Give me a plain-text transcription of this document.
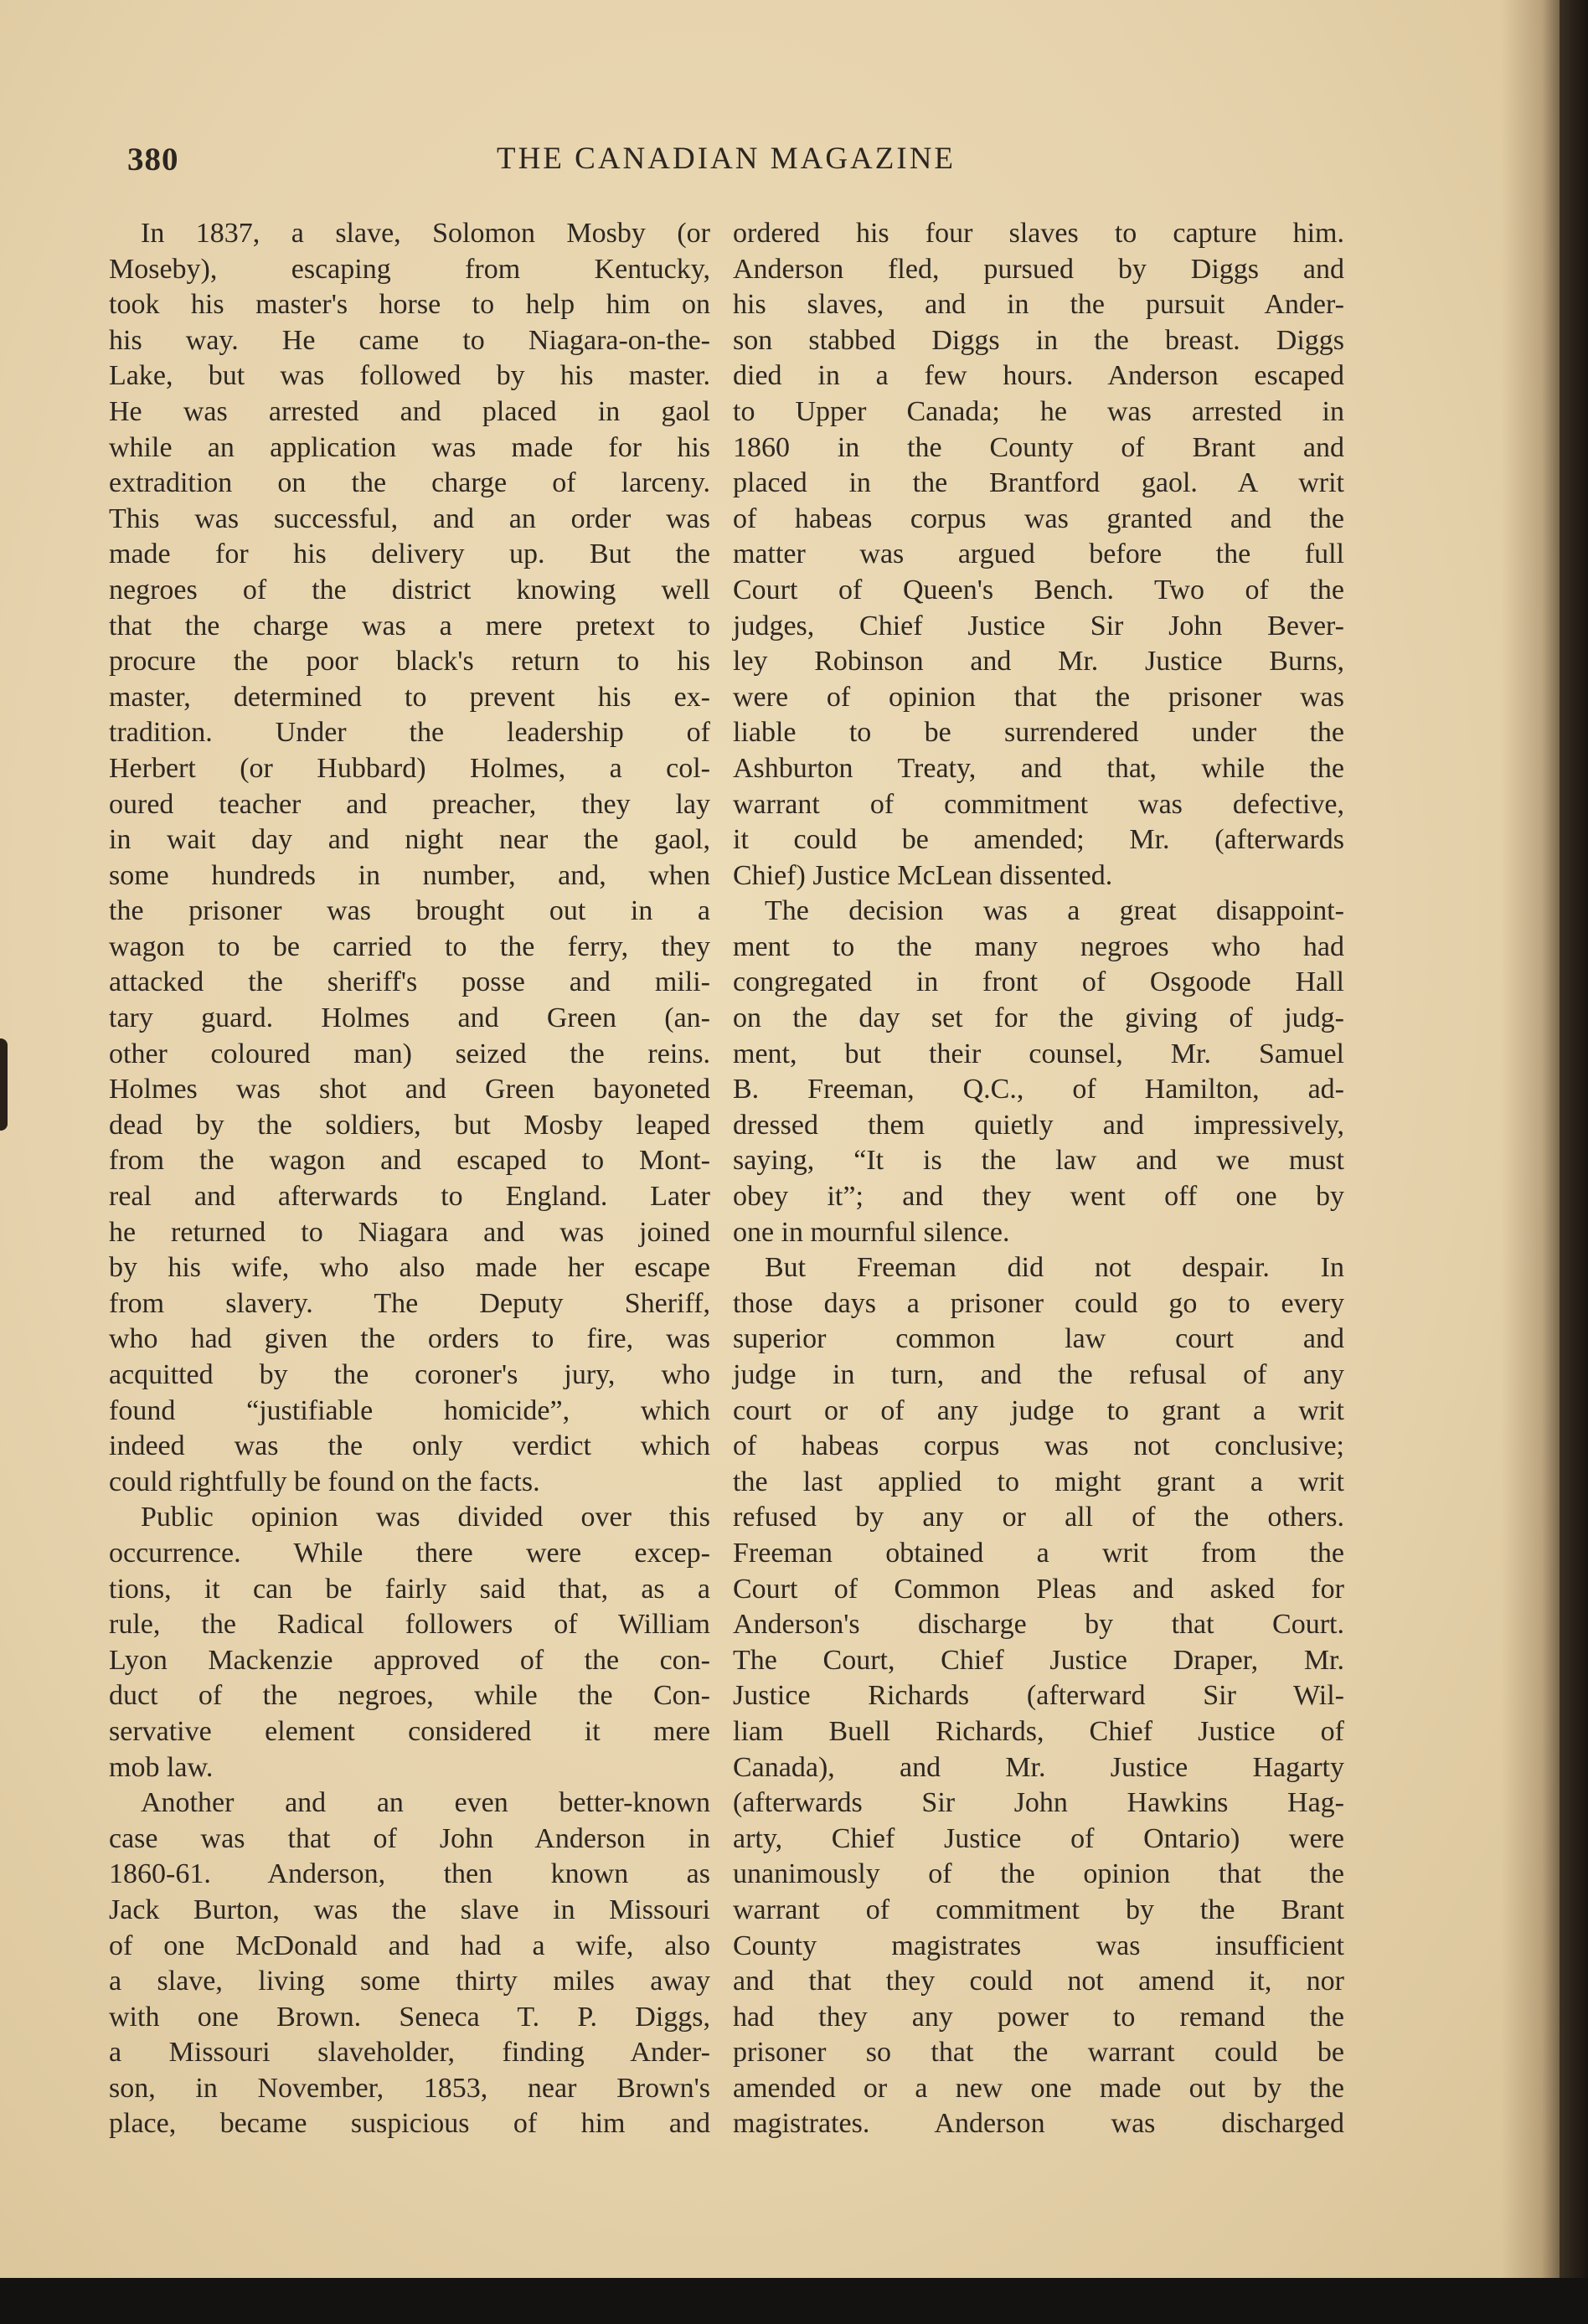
380	THE CANADIAN MAGAZINE
In 1837, a slave, Solomon Mosby (or
Moseby), escaping from Kentucky,
took his master's horse to help him on
his way. He came to Niagara-on-the-
Lake, but was followed by his master.
He was arrested and placed in gaol
while an application was made for his
extradition on the charge of larceny.
This was successful, and an order was
made for his delivery up. But the
negroes of the district knowing well
that the charge was a mere pretext to
procure the poor black's return to his
master, determined to prevent his ex-
tradition. Under the leadership of
Herbert (or Hubbard) Holmes, a col-
oured teacher and preacher, they lay
in wait day and night near the gaol,
some hundreds in number, and, when
the prisoner was brought out in a
wagon to be carried to the ferry, they
attacked the sheriff's posse and mili-
tary guard. Holmes and Green (an-
other coloured man) seized the reins.
Holmes was shot and Green bayoneted
dead by the soldiers, but Mosby leaped
from the wagon and escaped to Mont-
real and afterwards to England. Later
he returned to Niagara and was joined
by his wife, who also made her escape
from slavery. The Deputy Sheriff,
who had given the orders to fire, was
acquitted by the coroner's jury, who
found “justifiable homicide”, which
indeed was the only verdict which
could rightfully be found on the facts.
Public opinion was divided over this
occurrence. While there were excep-
tions, it can be fairly said that, as a
rule, the Radical followers of William
Lyon Mackenzie approved of the con-
duct of the negroes, while the Con-
servative element considered it mere
mob law.
Another and an even better-known
case was that of John Anderson in
1860-61. Anderson, then known as
Jack Burton, was the slave in Missouri
of one McDonald and had a wife, also
a slave, living some thirty miles away
with one Brown. Seneca T. P. Diggs,
a Missouri slaveholder, finding Ander-
son, in November, 1853, near Brown's
place, became suspicious of him and
ordered his four slaves to capture him.
Anderson fled, pursued by Diggs and
his slaves, and in the pursuit Ander-
son stabbed Diggs in the breast. Diggs
died in a few hours. Anderson escaped
to Upper Canada; he was arrested in
1860 in the County of Brant and
placed in the Brantford gaol. A writ
of habeas corpus was granted and the
matter was argued before the full
Court of Queen's Bench. Two of the
judges, Chief Justice Sir John Bever-
ley Robinson and Mr. Justice Burns,
were of opinion that the prisoner was
liable to be surrendered under the
Ashburton Treaty, and that, while the
warrant of commitment was defective,
it could be amended; Mr. (afterwards
Chief) Justice McLean dissented.
The decision was a great disappoint-
ment to the many negroes who had
congregated in front of Osgoode Hall
on the day set for the giving of judg-
ment, but their counsel, Mr. Samuel
B. Freeman, Q.C., of Hamilton, ad-
dressed them quietly and impressively,
saying, “It is the law and we must
obey it”; and they went off one by
one in mournful silence.
But Freeman did not despair. In
those days a prisoner could go to every
superior common law court and
judge in turn, and the refusal of any
court or of any judge to grant a writ
of habeas corpus was not conclusive;
the last applied to might grant a writ
refused by any or all of the others.
Freeman obtained a writ from the
Court of Common Pleas and asked for
Anderson's discharge by that Court.
The Court, Chief Justice Draper, Mr.
Justice Richards (afterward Sir Wil-
liam Buell Richards, Chief Justice of
Canada), and Mr. Justice Hagarty
(afterwards Sir John Hawkins Hag-
arty, Chief Justice of Ontario) were
unanimously of the opinion that the
warrant of commitment by the Brant
County magistrates was insufficient
and that they could not amend it, nor
had they any power to remand the
prisoner so that the warrant could be
amended or a new one made out by the
magistrates. Anderson was discharged
